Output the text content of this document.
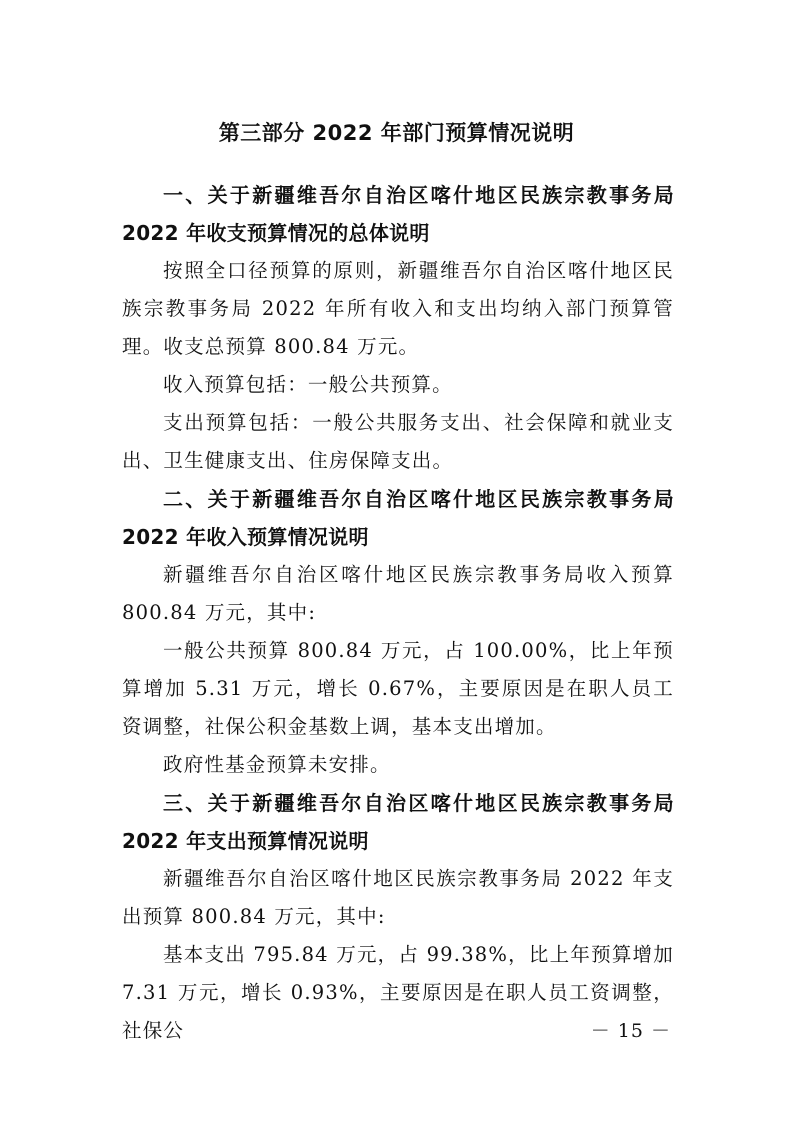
第三部分 2022 年部门预算情况说明

一、关于新疆维吾尔自治区喀什地区民族宗教事务局2022 年收支预算情况的总体说明

按照全口径预算的原则，新疆维吾尔自治区喀什地区民族宗教事务局 2022 年所有收入和支出均纳入部门预算管理。收支总预算 800.84 万元。

收入预算包括：一般公共预算。

支出预算包括：一般公共服务支出、社会保障和就业支出、卫生健康支出、住房保障支出。

二、关于新疆维吾尔自治区喀什地区民族宗教事务局2022 年收入预算情况说明

新疆维吾尔自治区喀什地区民族宗教事务局收入预算 800.84 万元，其中:

一般公共预算 800.84 万元，占 100.00%，比上年预算增加 5.31 万元，增长 0.67%，主要原因是在职人员工资调整，社保公积金基数上调，基本支出增加。

政府性基金预算未安排。

三、关于新疆维吾尔自治区喀什地区民族宗教事务局2022 年支出预算情况说明

新疆维吾尔自治区喀什地区民族宗教事务局 2022 年支出预算 800.84 万元，其中:

基本支出 795.84 万元，占 99.38%，比上年预算增加 7.31 万元，增长 0.93%，主要原因是在职人员工资调整，社保公	－ 15 －
